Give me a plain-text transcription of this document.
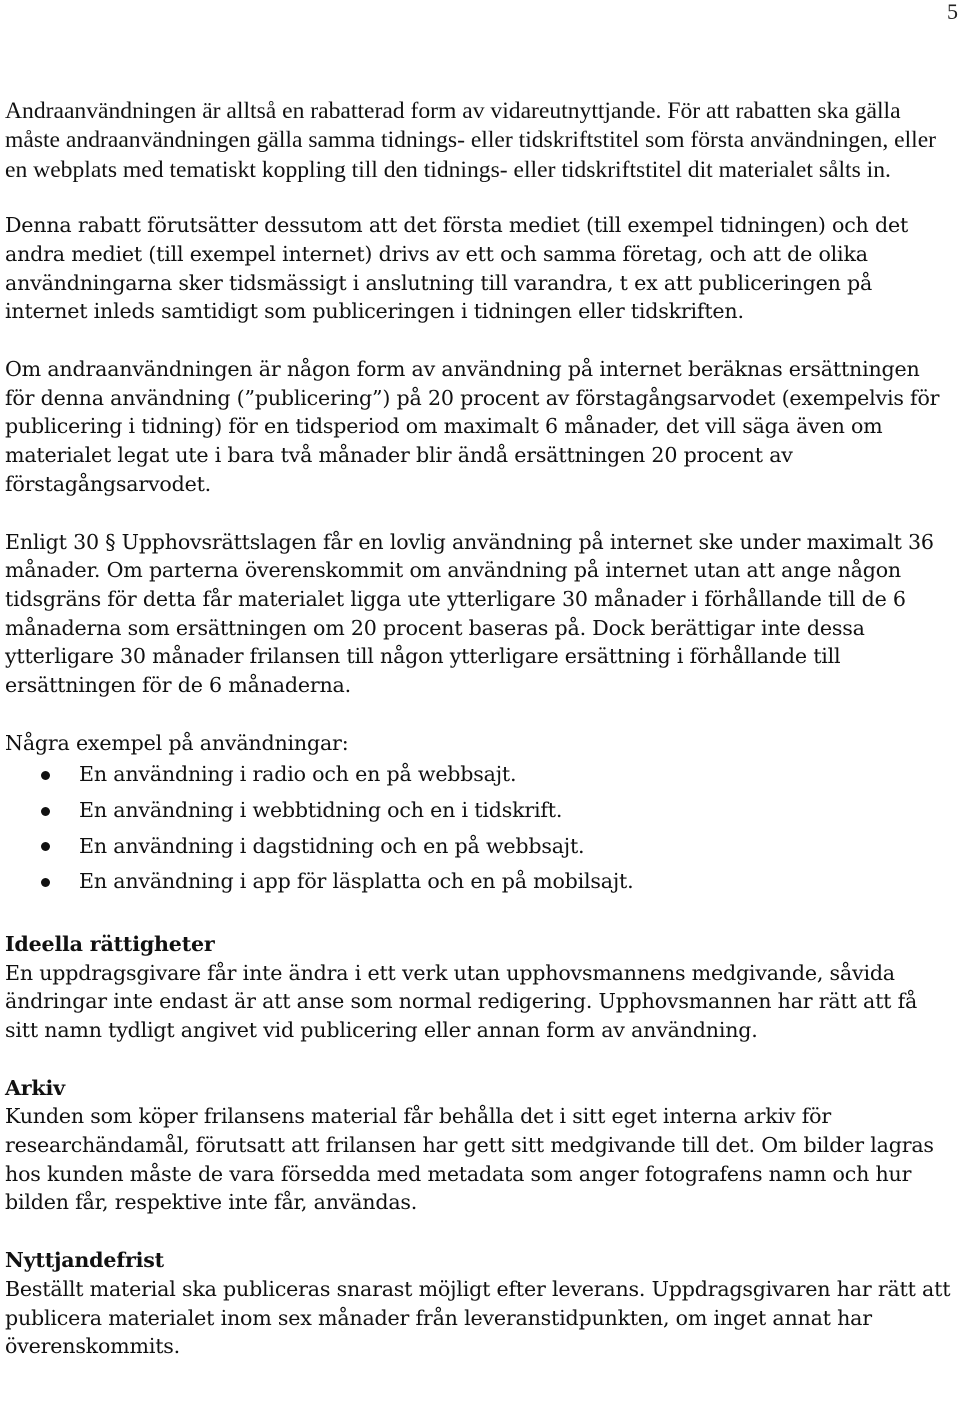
5

Andraanvändningen är alltså en rabatterad form av vidareutnyttjande. För att rabatten ska gälla måste andraanvändningen gälla samma tidnings- eller tidskriftstitel som första användningen, eller en webplats med tematiskt koppling till den tidnings- eller tidskriftstitel dit materialet sålts in.

Denna rabatt förutsätter dessutom att det första mediet (till exempel tidningen) och det andra mediet (till exempel internet) drivs av ett och samma företag, och att de olika användningarna sker tidsmässigt i anslutning till varandra, t ex att publiceringen på internet inleds samtidigt som publiceringen i tidningen eller tidskriften.

Om andraanvändningen är någon form av användning på internet beräknas ersättningen för denna användning (”publicering”) på 20 procent av förstagångsarvodet (exempelvis för publicering i tidning) för en tidsperiod om maximalt 6 månader, det vill säga även om materialet legat ute i bara två månader blir ändå ersättningen 20 procent av förstagångsarvodet.

Enligt 30 § Upphovsrättslagen får en lovlig användning på internet ske under maximalt 36 månader. Om parterna överenskommit om användning på internet utan att ange någon tidsgräns för detta får materialet ligga ute ytterligare 30 månader i förhållande till de 6 månaderna som ersättningen om 20 procent baseras på. Dock berättigar inte dessa ytterligare 30 månader frilansen till någon ytterligare ersättning i förhållande till ersättningen för de 6 månaderna.

Några exempel på användningar:

En användning i radio och en på webbsajt.
En användning i webbtidning och en i tidskrift.
En användning i dagstidning och en på webbsajt.
En användning i app för läsplatta och en på mobilsajt.
Ideella rättigheter

En uppdragsgivare får inte ändra i ett verk utan upphovsmannens medgivande, såvida ändringar inte endast är att anse som normal redigering. Upphovsmannen har rätt att få sitt namn tydligt angivet vid publicering eller annan form av användning.

Arkiv

Kunden som köper frilansens material får behålla det i sitt eget interna arkiv för researchändamål, förutsatt att frilansen har gett sitt medgivande till det. Om bilder lagras hos kunden måste de vara försedda med metadata som anger fotografens namn och hur bilden får, respektive inte får, användas.

Nyttjandefrist

Beställt material ska publiceras snarast möjligt efter leverans. Uppdragsgivaren har rätt att publicera materialet inom sex månader från leveranstidpunkten, om inget annat har överenskommits.
